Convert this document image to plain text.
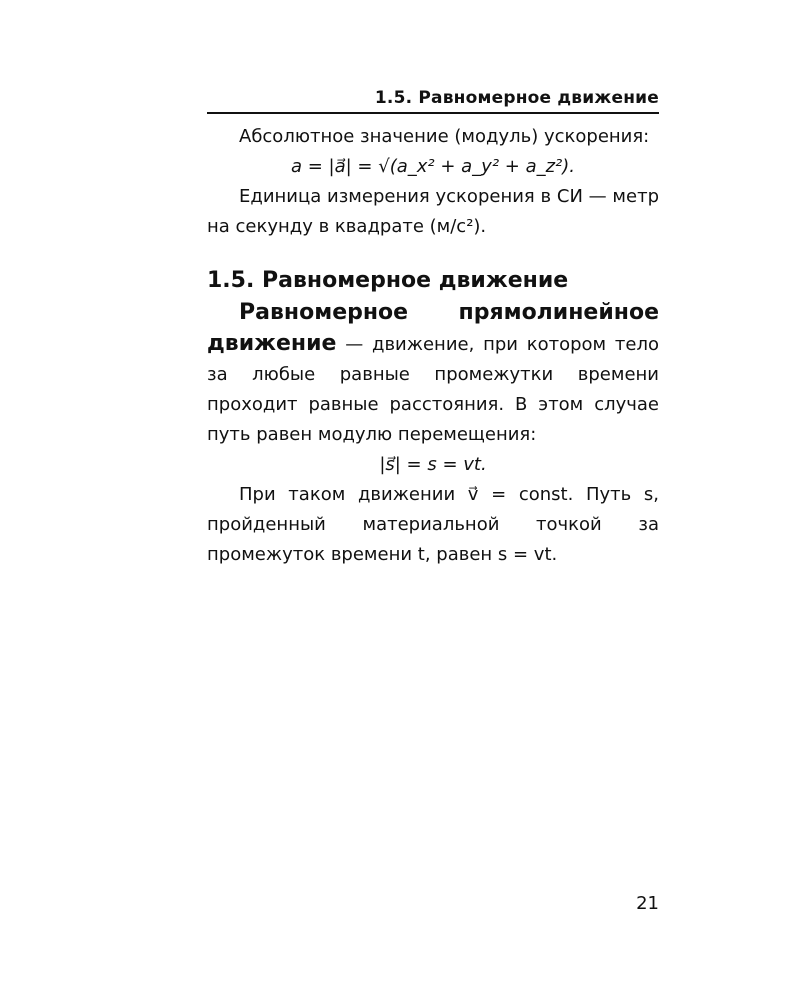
1.5. Равномерное движение

Абсолютное значение (модуль) ускорения:

a = |a⃗| = √(a_x² + a_y² + a_z²).

Единица измерения ускорения в СИ — метр на секунду в квадрате (м/с²).

1.5. Равномерное движение
Равномерное прямолинейное

движение — движение, при котором тело за любые равные промежутки времени проходит равные расстояния. В этом случае путь равен модулю перемещения:

|s⃗| = s = vt.

При таком движении v⃗ = const. Путь s, пройденный материальной точкой за промежуток времени t, равен s = vt.

21
